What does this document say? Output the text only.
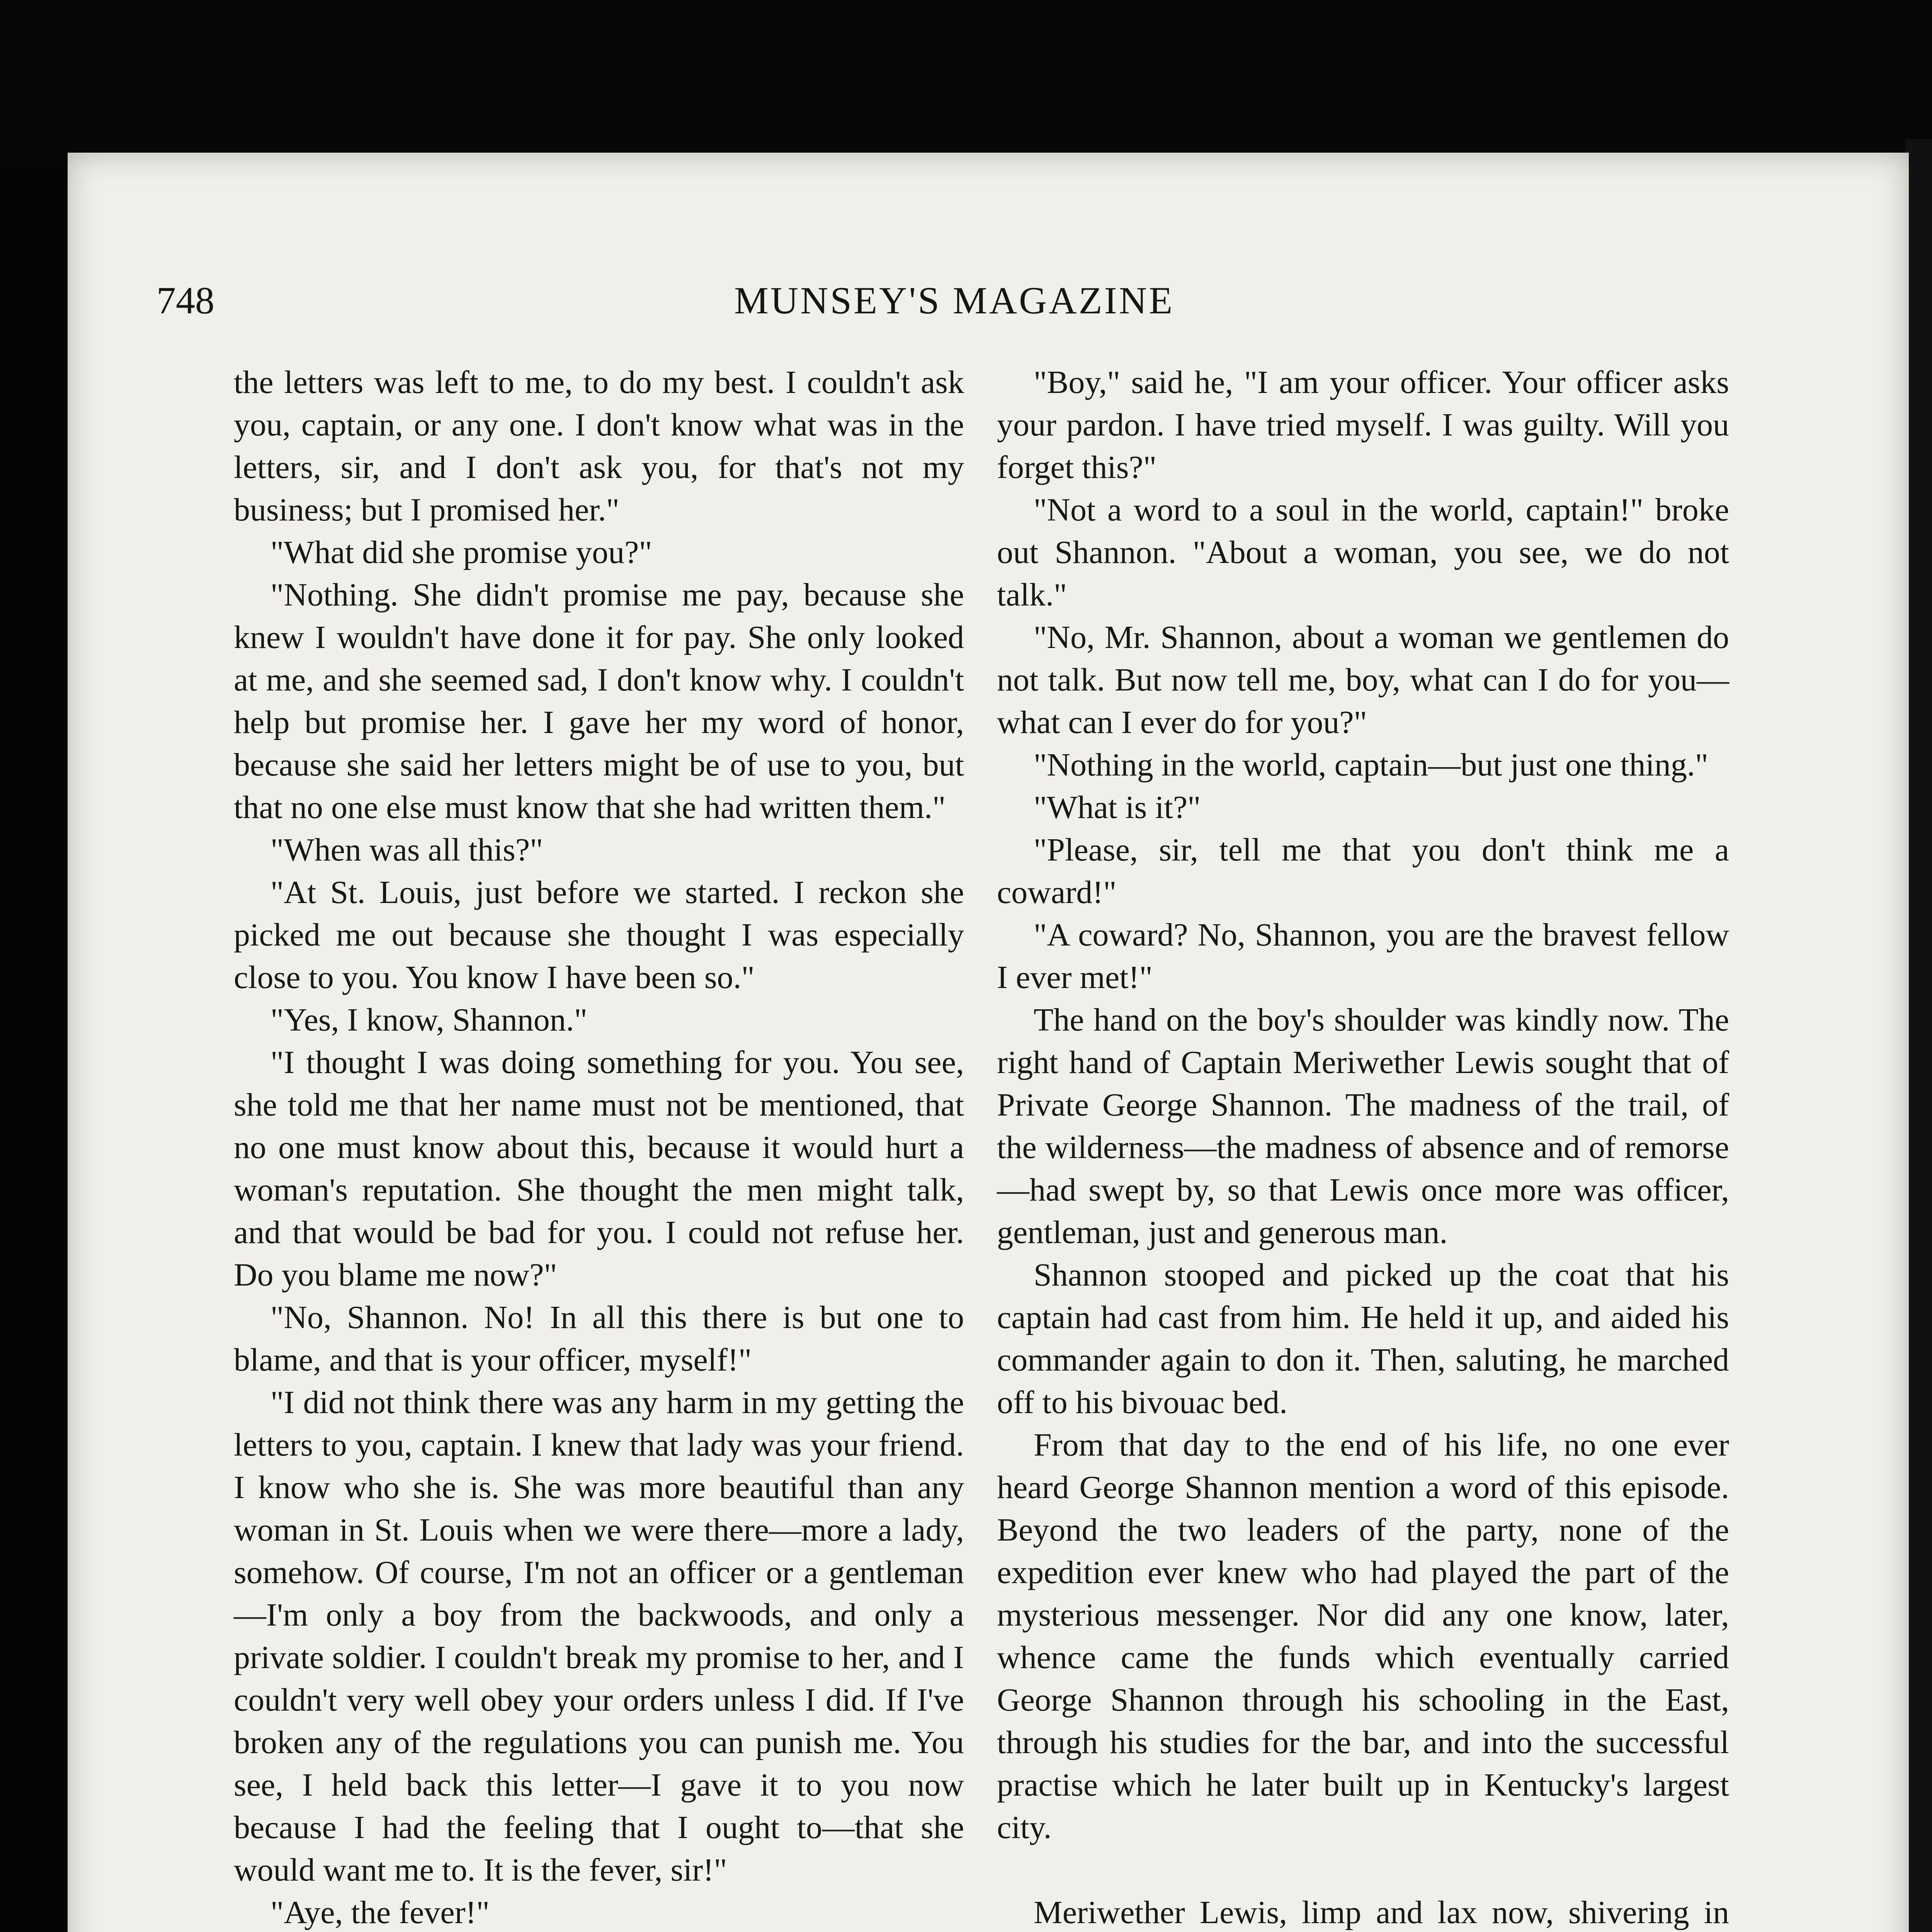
748	MUNSEY'S MAGAZINE

the letters was left to me, to do my best. I couldn't ask you, captain, or any one. I don't know what was in the letters, sir, and I don't ask you, for that's not my business; but I promised her."

"What did she promise you?"

"Nothing. She didn't promise me pay, because she knew I wouldn't have done it for pay. She only looked at me, and she seemed sad, I don't know why. I couldn't help but promise her. I gave her my word of honor, because she said her letters might be of use to you, but that no one else must know that she had written them."

"When was all this?"

"At St. Louis, just before we started. I reckon she picked me out because she thought I was especially close to you. You know I have been so."

"Yes, I know, Shannon."

"I thought I was doing something for you. You see, she told me that her name must not be mentioned, that no one must know about this, because it would hurt a woman's reputation. She thought the men might talk, and that would be bad for you. I could not refuse her. Do you blame me now?"

"No, Shannon. No! In all this there is but one to blame, and that is your officer, myself!"

"I did not think there was any harm in my getting the letters to you, captain. I knew that lady was your friend. I know who she is. She was more beautiful than any woman in St. Louis when we were there—more a lady, somehow. Of course, I'm not an officer or a gentleman—I'm only a boy from the backwoods, and only a private soldier. I couldn't break my promise to her, and I couldn't very well obey your orders unless I did. If I've broken any of the regulations you can punish me. You see, I held back this letter—I gave it to you now because I had the feeling that I ought to—that she would want me to. It is the fever, sir!"

"Aye, the fever!"

"Boy," said he, "I am your officer. Your officer asks your pardon. I have tried myself. I was guilty. Will you forget this?"

"Not a word to a soul in the world, captain!" broke out Shannon. "About a woman, you see, we do not talk."

"No, Mr. Shannon, about a woman we gentlemen do not talk. But now tell me, boy, what can I do for you—what can I ever do for you?"

"Nothing in the world, captain—but just one thing."

"What is it?"

"Please, sir, tell me that you don't think me a coward!"

"A coward? No, Shannon, you are the bravest fellow I ever met!"

The hand on the boy's shoulder was kindly now. The right hand of Captain Meriwether Lewis sought that of Private George Shannon. The madness of the trail, of the wilderness—the madness of absence and of remorse—had swept by, so that Lewis once more was officer, gentleman, just and generous man.

Shannon stooped and picked up the coat that his captain had cast from him. He held it up, and aided his commander again to don it. Then, saluting, he marched off to his bivouac bed.

From that day to the end of his life, no one ever heard George Shannon mention a word of this episode. Beyond the two leaders of the party, none of the expedition ever knew who had played the part of the mysterious messenger. Nor did any one know, later, whence came the funds which eventually carried George Shannon through his schooling in the East, through his studies for the bar, and into the successful practise which he later built up in Kentucky's largest city.

Meriwether Lewis, limp and lax now, shivering in
